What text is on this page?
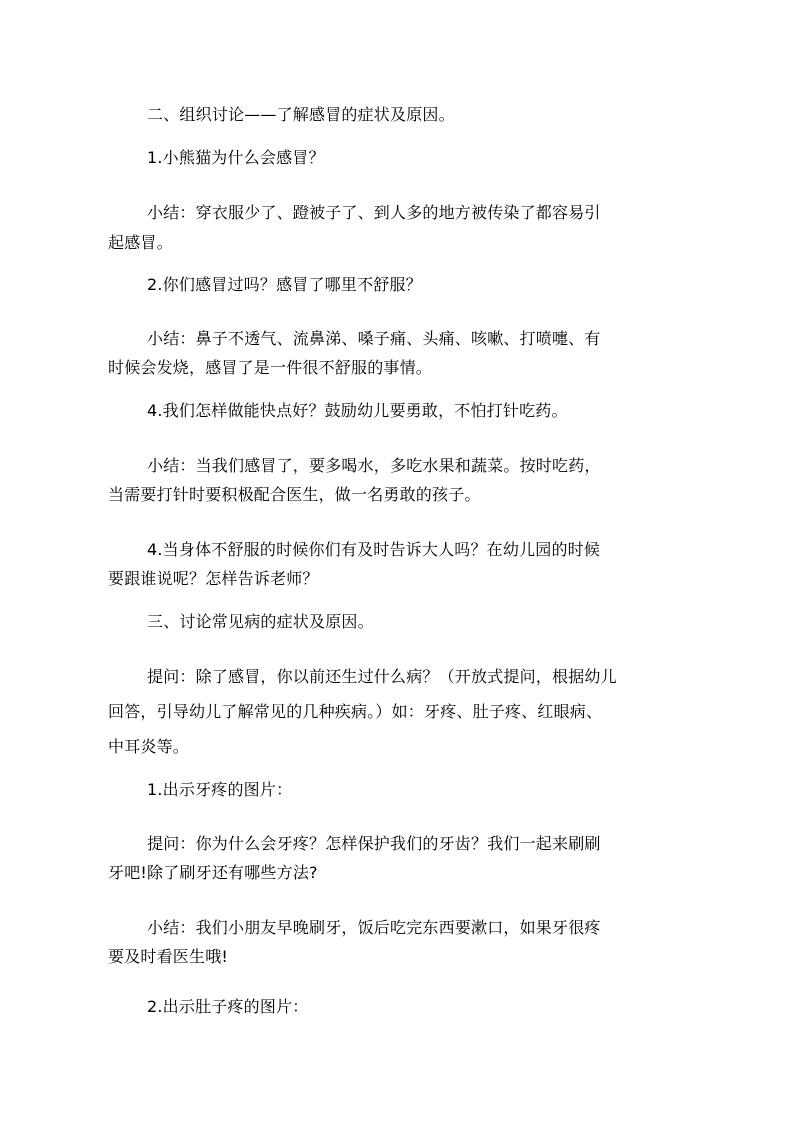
二、组织讨论——了解感冒的症状及原因。
1.小熊猫为什么会感冒？
小结：穿衣服少了、蹬被子了、到人多的地方被传染了都容易引
起感冒。
2.你们感冒过吗？感冒了哪里不舒服？
小结：鼻子不透气、流鼻涕、嗓子痛、头痛、咳嗽、打喷嚏、有
时候会发烧，感冒了是一件很不舒服的事情。
4.我们怎样做能快点好？鼓励幼儿要勇敢，不怕打针吃药。
小结：当我们感冒了，要多喝水，多吃水果和蔬菜。按时吃药，
当需要打针时要积极配合医生，做一名勇敢的孩子。
4.当身体不舒服的时候你们有及时告诉大人吗？在幼儿园的时候
要跟谁说呢？怎样告诉老师？
三、讨论常见病的症状及原因。
提问：除了感冒，你以前还生过什么病？（开放式提问，根据幼儿
回答，引导幼儿了解常见的几种疾病。）如：牙疼、肚子疼、红眼病、
中耳炎等。
1.出示牙疼的图片：
提问：你为什么会牙疼？怎样保护我们的牙齿？我们一起来刷刷
牙吧!除了刷牙还有哪些方法?
小结：我们小朋友早晚刷牙，饭后吃完东西要漱口，如果牙很疼
要及时看医生哦!
2.出示肚子疼的图片：
